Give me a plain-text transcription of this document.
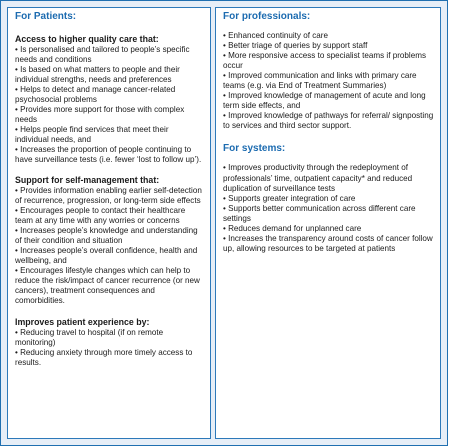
For Patients:

Access to higher quality care that:

• Is personalised and tailored to people’s specific needs and conditions

• Is based on what matters to people and their individual strengths, needs and preferences

• Helps to detect and manage cancer-related psychosocial problems

• Provides more support for those with complex needs

• Helps people find services that meet their individual needs, and

• Increases the proportion of people continuing to have surveillance tests (i.e. fewer ‘lost to follow up’).

Support for self-management that:

• Provides information enabling earlier self-detection of recurrence, progression, or long-term side effects

• Encourages people to contact their healthcare team at any time with any worries or concerns

• Increases people’s knowledge and understanding of their condition and situation

• Increases people’s overall confidence, health and wellbeing, and

• Encourages lifestyle changes which can help to reduce the risk/impact of cancer recurrence (or new cancers), treatment consequences and comorbidities.

Improves patient experience by:

• Reducing travel to hospital (if on remote monitoring)

• Reducing anxiety through more timely access to results.

For professionals:

• Enhanced continuity of care

• Better triage of queries by support staff

• More responsive access to specialist teams if problems occur

• Improved communication and links with primary care teams (e.g. via End of Treatment Summaries)

• Improved knowledge of management of acute and long term side effects, and

• Improved knowledge of pathways for referral/ signposting to services and third sector support.

For systems:

• Improves productivity through the redeployment of professionals’ time, outpatient capacity* and reduced duplication of surveillance tests

• Supports greater integration of care

• Supports better communication across different care settings

• Reduces demand for unplanned care

• Increases the transparency around costs of cancer follow up, allowing resources to be targeted at patients
